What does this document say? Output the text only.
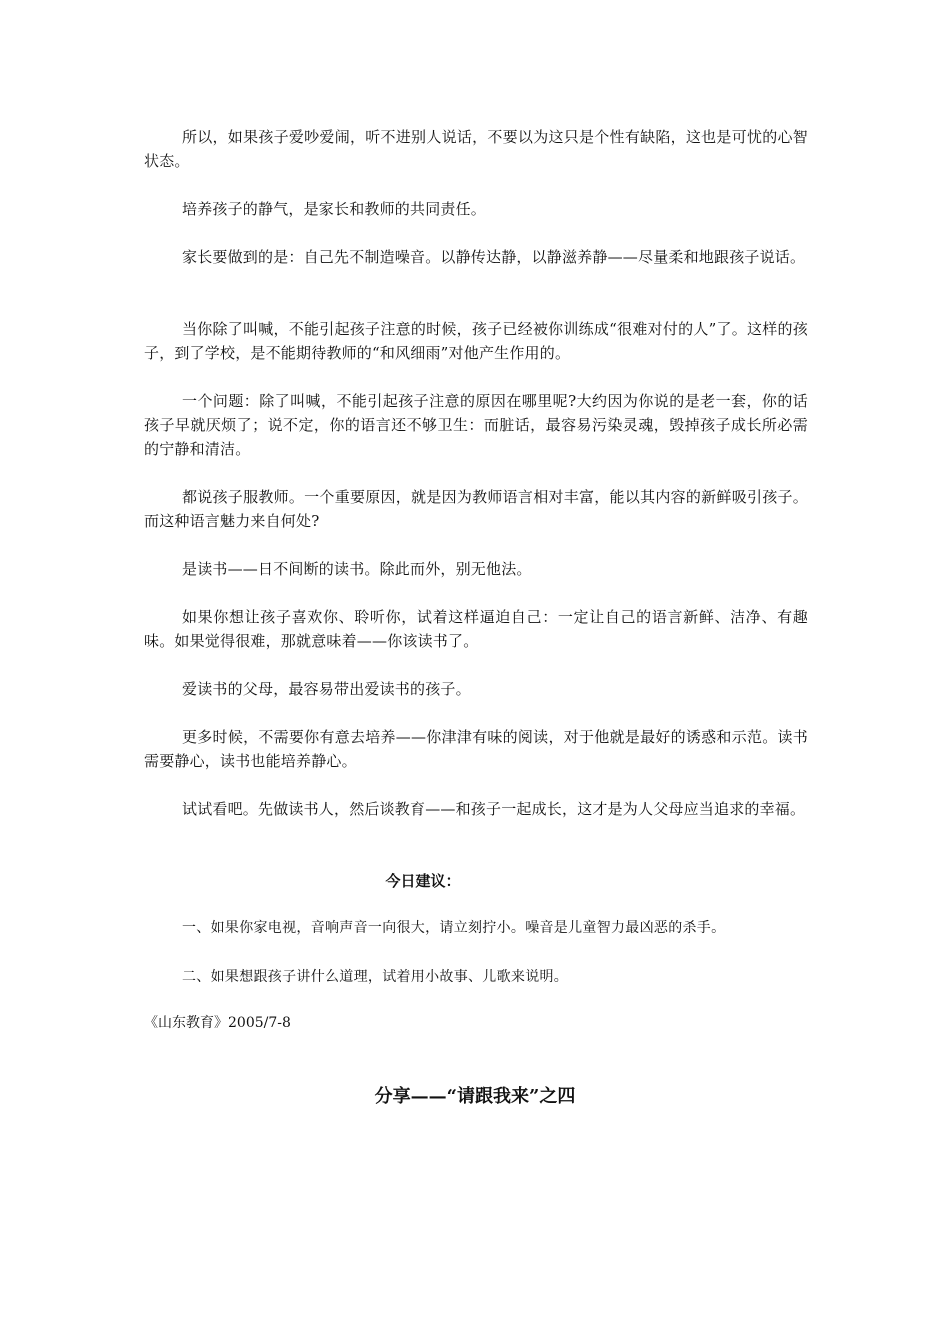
所以，如果孩子爱吵爱闹，听不进别人说话，不要以为这只是个性有缺陷，这也是可忧的心智状态。

培养孩子的静气，是家长和教师的共同责任。

家长要做到的是：自己先不制造噪音。以静传达静，以静滋养静——尽量柔和地跟孩子说话。

当你除了叫喊，不能引起孩子注意的时候，孩子已经被你训练成“很难对付的人”了。这样的孩子，到了学校，是不能期待教师的“和风细雨”对他产生作用的。

一个问题：除了叫喊，不能引起孩子注意的原因在哪里呢?大约因为你说的是老一套，你的话孩子早就厌烦了；说不定，你的语言还不够卫生：而脏话，最容易污染灵魂，毁掉孩子成长所必需的宁静和清洁。

都说孩子服教师。一个重要原因，就是因为教师语言相对丰富，能以其内容的新鲜吸引孩子。而这种语言魅力来自何处?

是读书——日不间断的读书。除此而外，别无他法。

如果你想让孩子喜欢你、聆听你，试着这样逼迫自己：一定让自己的语言新鲜、洁净、有趣味。如果觉得很难，那就意味着——你该读书了。

爱读书的父母，最容易带出爱读书的孩子。

更多时候，不需要你有意去培养——你津津有味的阅读，对于他就是最好的诱惑和示范。读书需要静心，读书也能培养静心。

试试看吧。先做读书人，然后谈教育——和孩子一起成长，这才是为人父母应当追求的幸福。

今日建议：

一、如果你家电视，音响声音一向很大，请立刻拧小。噪音是儿童智力最凶恶的杀手。

二、如果想跟孩子讲什么道理，试着用小故事、儿歌来说明。

《山东教育》2005/7-8

分享——“请跟我来”之四
